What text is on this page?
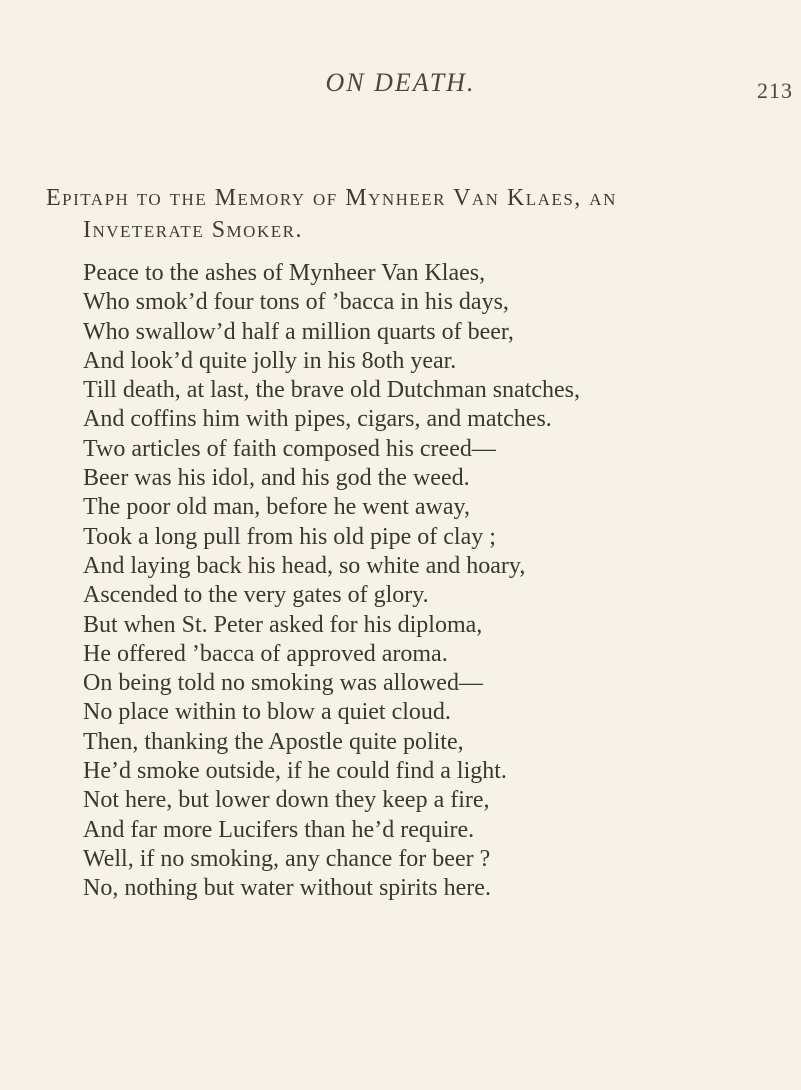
ON DEATH.	213
Epitaph to the Memory of Mynheer Van Klaes, an
Inveterate Smoker.
Peace to the ashes of Mynheer Van Klaes,
Who smok’d four tons of ’bacca in his days,
Who swallow’d half a million quarts of beer,
And look’d quite jolly in his 8oth year.
Till death, at last, the brave old Dutchman snatches,
And coffins him with pipes, cigars, and matches.
Two articles of faith composed his creed—
Beer was his idol, and his god the weed.
The poor old man, before he went away,
Took a long pull from his old pipe of clay ;
And laying back his head, so white and hoary,
Ascended to the very gates of glory.
But when St. Peter asked for his diploma,
He offered ’bacca of approved aroma.
On being told no smoking was allowed—
No place within to blow a quiet cloud.
Then, thanking the Apostle quite polite,
He’d smoke outside, if he could find a light.
Not here, but lower down they keep a fire,
And far more Lucifers than he’d require.
Well, if no smoking, any chance for beer ?
No, nothing but water without spirits here.
